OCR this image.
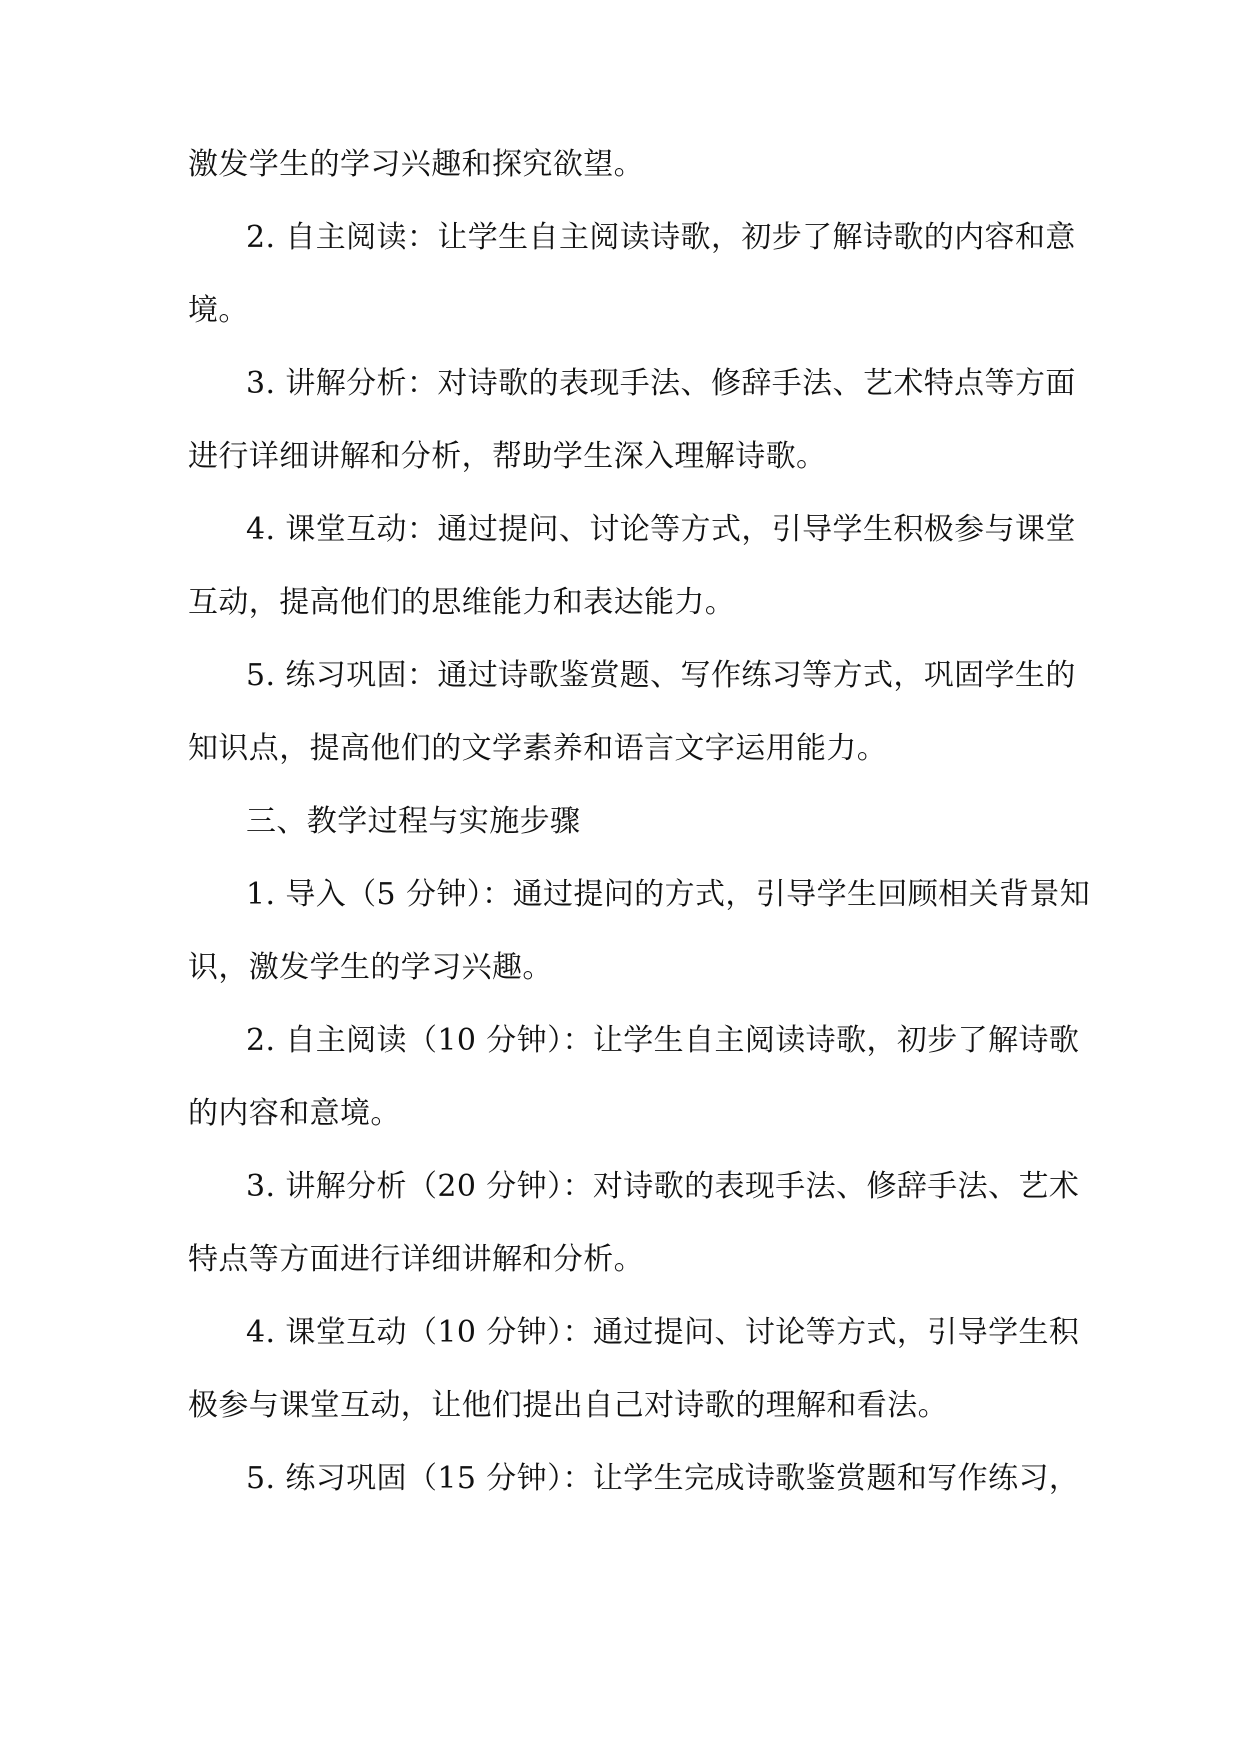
激发学生的学习兴趣和探究欲望。
2. 自主阅读：让学生自主阅读诗歌，初步了解诗歌的内容和意
境。
3. 讲解分析：对诗歌的表现手法、修辞手法、艺术特点等方面
进行详细讲解和分析，帮助学生深入理解诗歌。
4. 课堂互动：通过提问、讨论等方式，引导学生积极参与课堂
互动，提高他们的思维能力和表达能力。
5. 练习巩固：通过诗歌鉴赏题、写作练习等方式，巩固学生的
知识点，提高他们的文学素养和语言文字运用能力。
三、教学过程与实施步骤
1. 导入（5 分钟）：通过提问的方式，引导学生回顾相关背景知
识，激发学生的学习兴趣。
2. 自主阅读（10 分钟）：让学生自主阅读诗歌，初步了解诗歌
的内容和意境。
3. 讲解分析（20 分钟）：对诗歌的表现手法、修辞手法、艺术
特点等方面进行详细讲解和分析。
4. 课堂互动（10 分钟）：通过提问、讨论等方式，引导学生积
极参与课堂互动，让他们提出自己对诗歌的理解和看法。
5. 练习巩固（15 分钟）：让学生完成诗歌鉴赏题和写作练习，
